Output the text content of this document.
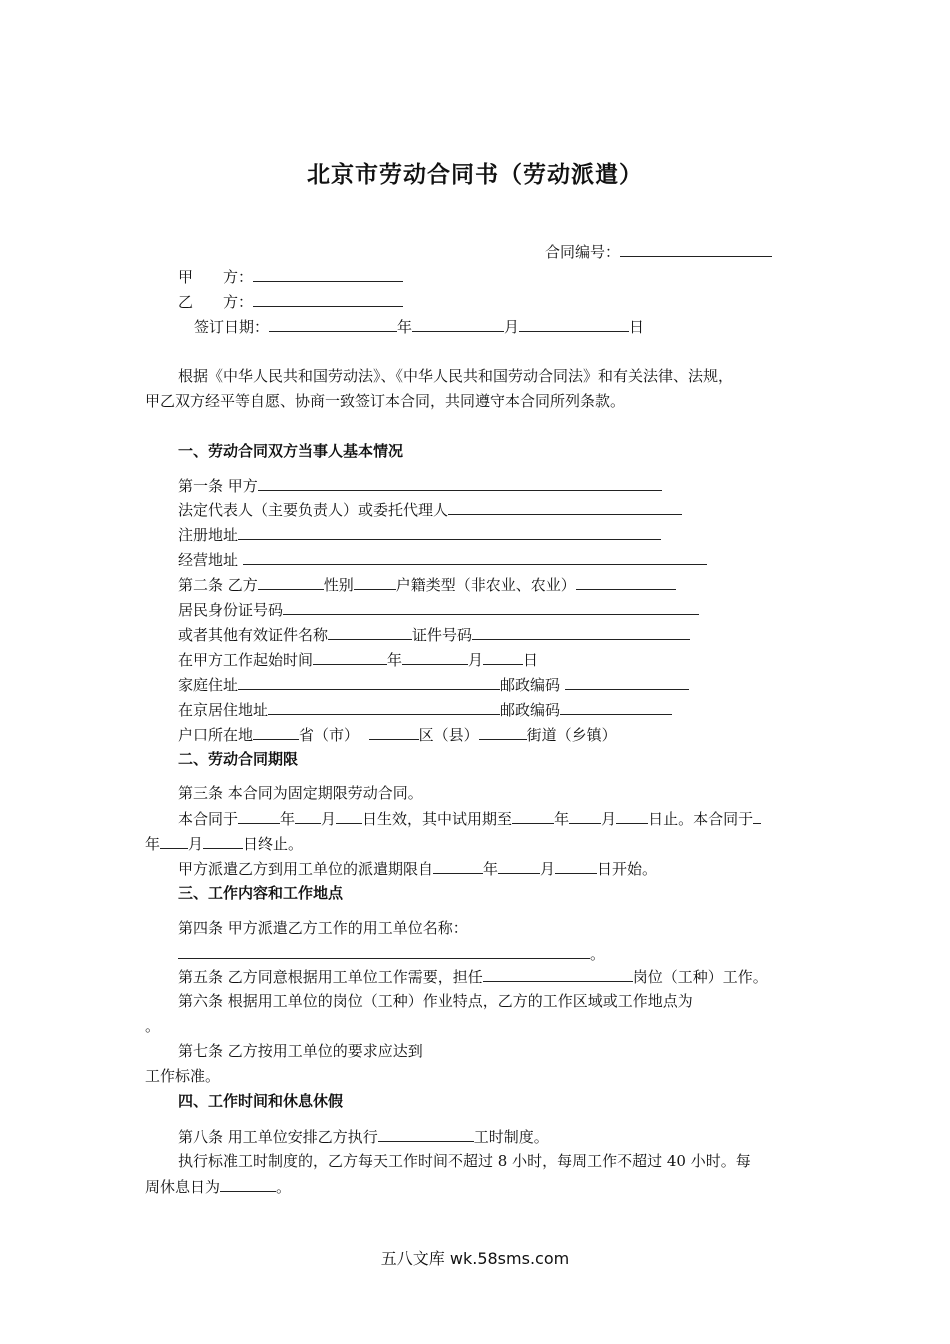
北京市劳动合同书（劳动派遣）
合同编号：
甲　　方：
乙　　方：
签订日期：	年	月	日
根据《中华人民共和国劳动法》、《中华人民共和国劳动合同法》和有关法律、法规，
甲乙双方经平等自愿、协商一致签订本合同，共同遵守本合同所列条款。
一、劳动合同双方当事人基本情况
第一条 甲方
法定代表人（主要负责人）或委托代理人
注册地址
经营地址
第二条 乙方	性别	户籍类型（非农业、农业）
居民身份证号码
或者其他有效证件名称	证件号码
在甲方工作起始时间	年	月	日
家庭住址	邮政编码
在京居住地址	邮政编码
户口所在地	省（市）	区（县）	街道（乡镇）
二、劳动合同期限
第三条 本合同为固定期限劳动合同。
本合同于	年 月 日生效，其中试用期至	年 月 日止。本合同于
年 月	日终止。
甲方派遣乙方到用工单位的派遣期限自	年	月	日开始。
三、工作内容和工作地点
第四条 甲方派遣乙方工作的用工单位名称：
。
第五条 乙方同意根据用工单位工作需要，担任	岗位（工种）工作。
第六条 根据用工单位的岗位（工种）作业特点，乙方的工作区域或工作地点为
。
第七条 乙方按用工单位的要求应达到
工作标准。
四、工作时间和休息休假
第八条 用工单位安排乙方执行	工时制度。
执行标准工时制度的，乙方每天工作时间不超过 8 小时，每周工作不超过 40 小时。每
周休息日为	。
五八文库 wk.58sms.com
